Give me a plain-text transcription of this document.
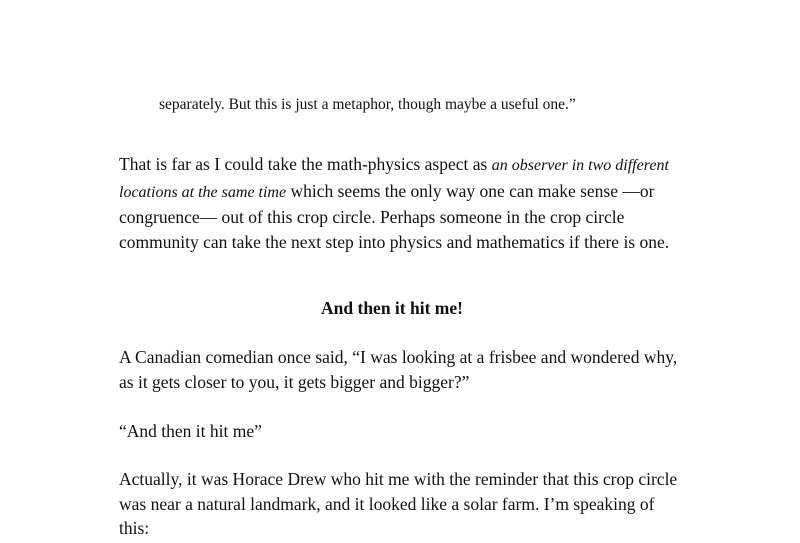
separately. But this is just a metaphor, though maybe a useful one.”

That is far as I could take the math-physics aspect as an observer in two different locations at the same time which seems the only way one can make sense —or congruence— out of this crop circle. Perhaps someone in the crop circle community can take the next step into physics and mathematics if there is one.

And then it hit me!

A Canadian comedian once said, “I was looking at a frisbee and wondered why, as it gets closer to you, it gets bigger and bigger?”

“And then it hit me”

Actually, it was Horace Drew who hit me with the reminder that this crop circle was near a natural landmark, and it looked like a solar farm. I’m speaking of this:
